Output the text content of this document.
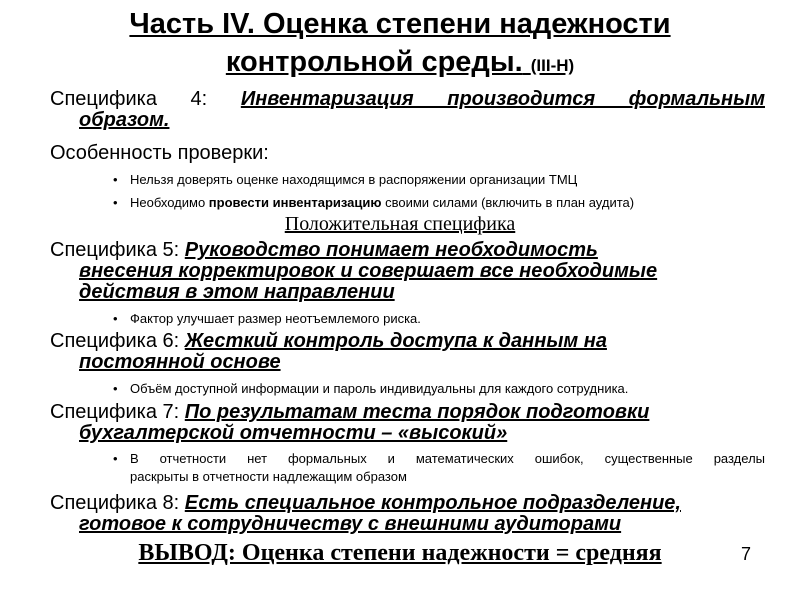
Часть IV. Оценка степени надежности
контрольной среды. (III-H)
Специфика 4: Инвентаризация производится формальным
образом.
Особенность проверки:
• Нельзя доверять оценке находящимся в распоряжении организации ТМЦ
• Необходимо провести инвентаризацию своими силами (включить в план аудита)
Положительная специфика
Специфика 5: Руководство понимает необходимость
внесения корректировок и совершает все необходимые
действия в этом направлении
• Фактор улучшает размер неотъемлемого риска.
Специфика 6: Жесткий контроль доступа к данным на
постоянной основе
• Объём доступной информации и пароль индивидуальны для каждого сотрудника.
Специфика 7: По результатам теста порядок подготовки
бухгалтерской отчетности – «высокий»
• В отчетности нет формальных и математических ошибок, существенные разделы
раскрыты в отчетности надлежащим образом
Специфика 8: Есть специальное контрольное подразделение,
готовое к сотрудничеству с внешними аудиторами
ВЫВОД: Оценка степени надежности = средняя	7
